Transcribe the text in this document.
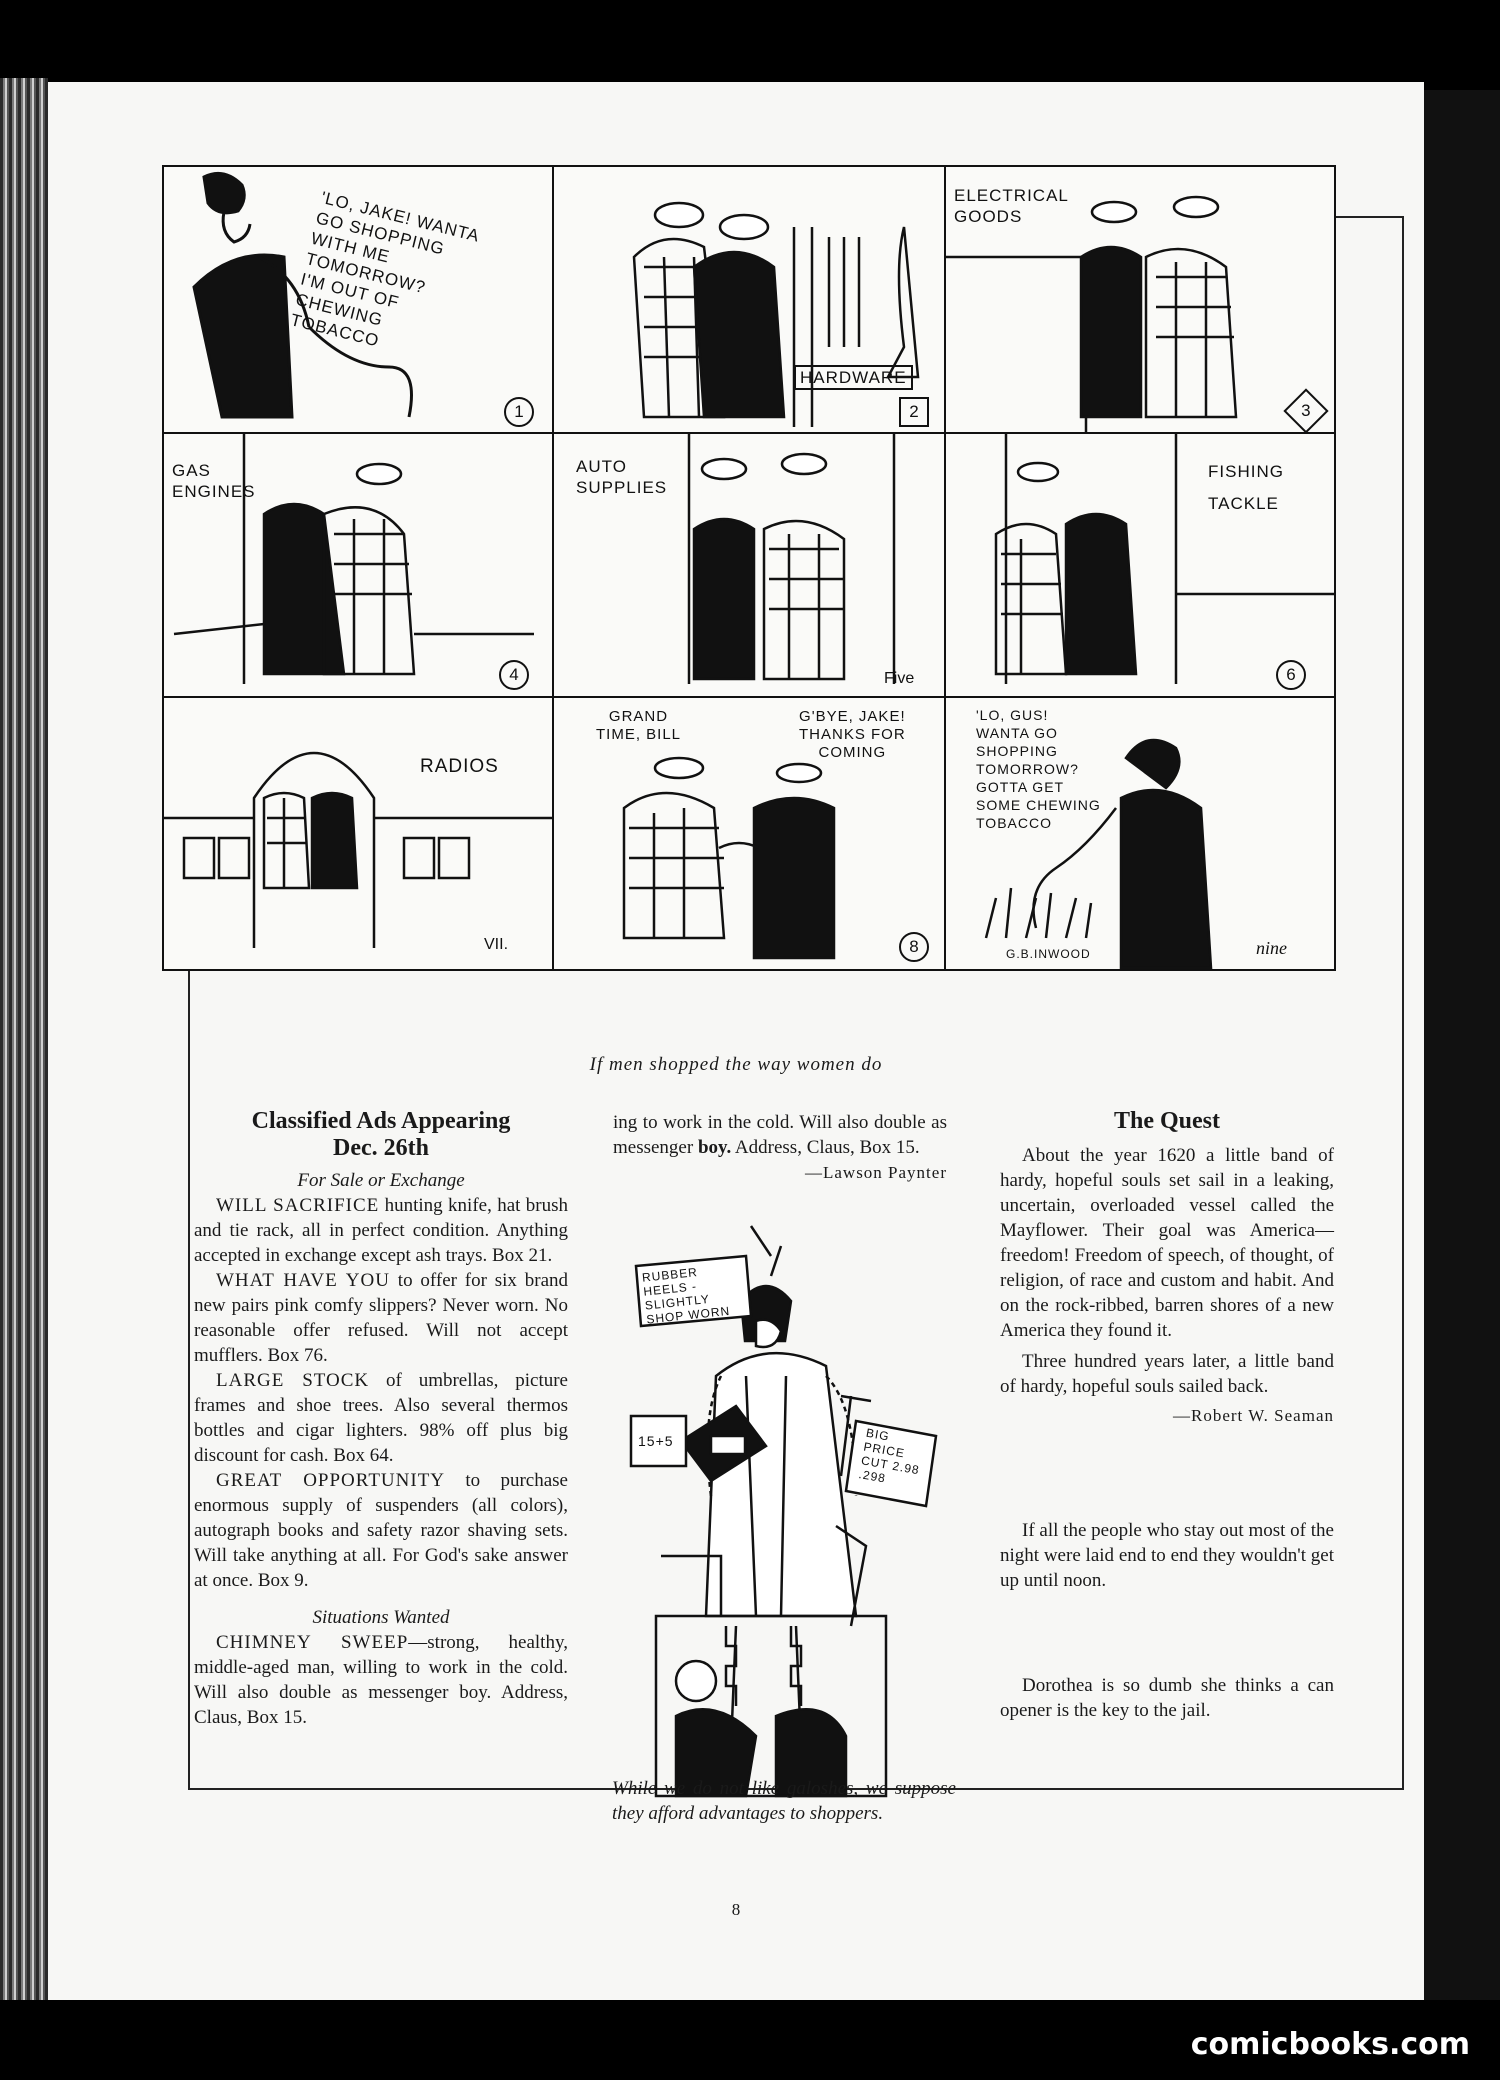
'LO, JAKE! WANTA
GO SHOPPING
WITH ME
TOMORROW?
I'M OUT OF
CHEWING
TOBACCO
1
HARDWARE
2
ELECTRICAL
GOODS
3
GAS
ENGINES
4
AUTO
SUPPLIES
Five
FISHING
TACKLE
6
RADIOS
VII.
GRAND
TIME, BILL
G'BYE, JAKE!
THANKS FOR
COMING
8
'LO, GUS!
WANTA GO
SHOPPING
TOMORROW?
GOTTA GET
SOME CHEWING
TOBACCO
G.B.INWOOD	nine
If men shopped the way women do
Classified Ads Appearing
Dec. 26th

For Sale or Exchange

WILL SACRIFICE hunting knife, hat brush and tie rack, all in perfect condition. Anything accepted in exchange except ash trays. Box 21.

WHAT HAVE YOU to offer for six brand new pairs pink comfy slippers? Never worn. No reasonable offer refused. Will not accept mufflers. Box 76.

LARGE STOCK of umbrellas, picture frames and shoe trees. Also several thermos bottles and cigar lighters. 98% off plus big discount for cash. Box 64.

GREAT OPPORTUNITY to purchase enormous supply of suspenders (all colors), autograph books and safety razor shaving sets. Will take anything at all. For God's sake answer at once. Box 9.

Situations Wanted

CHIMNEY SWEEP—strong, healthy, middle-aged man, willing to work in the cold. Will also double as messenger boy. Address, Claus, Box 15.

ing to work in the cold. Will also double as messenger boy. Address, Claus, Box 15.

—Lawson Paynter

RUBBER HEELS - SLIGHTLY SHOP WORN
15+5	BIG PRICE CUT 2.98 .298
While we do not like galoshes, we suppose they afford advantages to shoppers.
The Quest

About the year 1620 a little band of hardy, hopeful souls set sail in a leaking, uncertain, overloaded vessel called the Mayflower. Their goal was America—freedom! Freedom of speech, of thought, of religion, of race and custom and habit. And on the rock-ribbed, barren shores of a new America they found it.

Three hundred years later, a little band of hardy, hopeful souls sailed back.

—Robert W. Seaman

If all the people who stay out most of the night were laid end to end they wouldn't get up until noon.

Dorothea is so dumb she thinks a can opener is the key to the jail.

8
comicbooks.com
